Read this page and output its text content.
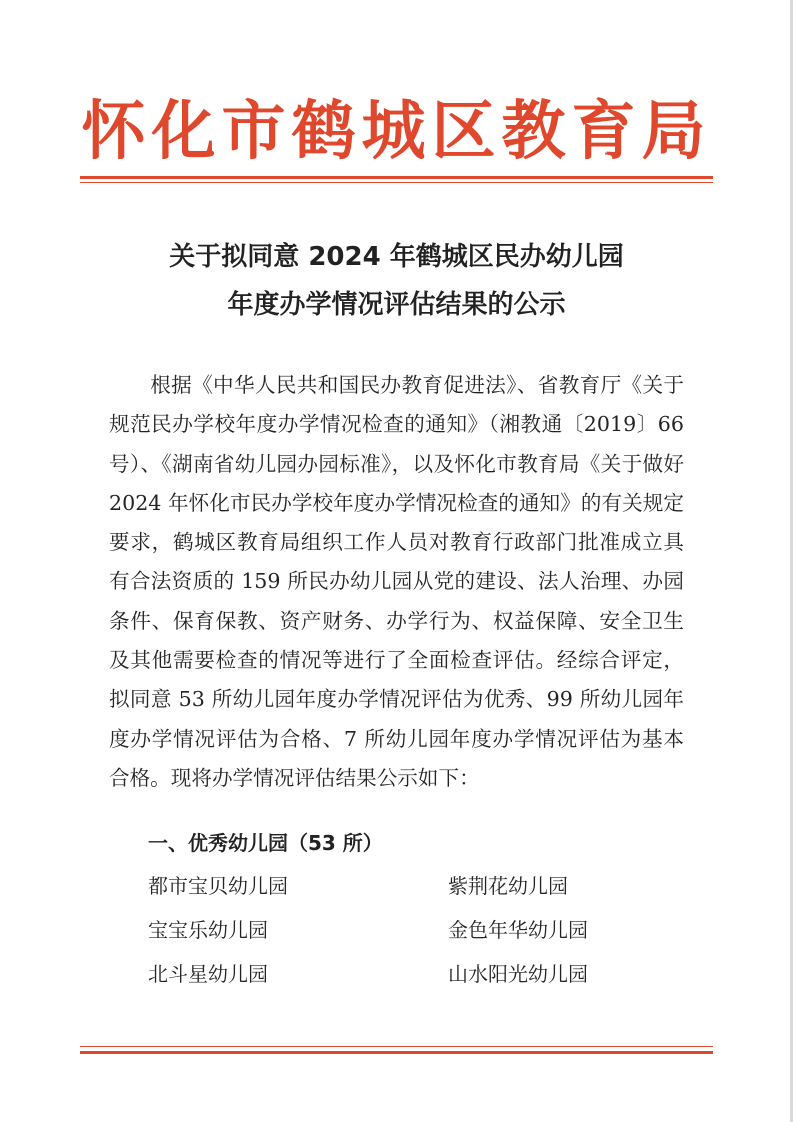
怀化市鹤城区教育局
关于拟同意 2024 年鹤城区民办幼儿园
年度办学情况评估结果的公示
根据《中华人民共和国民办教育促进法》、省教育厅《关于规范民办学校年度办学情况检查的通知》（湘教通〔2019〕66 号）、《湖南省幼儿园办园标准》，以及怀化市教育局《关于做好 2024 年怀化市民办学校年度办学情况检查的通知》的有关规定要求，鹤城区教育局组织工作人员对教育行政部门批准成立具有合法资质的 159 所民办幼儿园从党的建设、法人治理、办园条件、保育保教、资产财务、办学行为、权益保障、安全卫生及其他需要检查的情况等进行了全面检查评估。经综合评定，拟同意 53 所幼儿园年度办学情况评估为优秀、99 所幼儿园年度办学情况评估为合格、7 所幼儿园年度办学情况评估为基本合格。现将办学情况评估结果公示如下：
一、优秀幼儿园（53 所）
都市宝贝幼儿园	紫荆花幼儿园
宝宝乐幼儿园	金色年华幼儿园
北斗星幼儿园	山水阳光幼儿园
